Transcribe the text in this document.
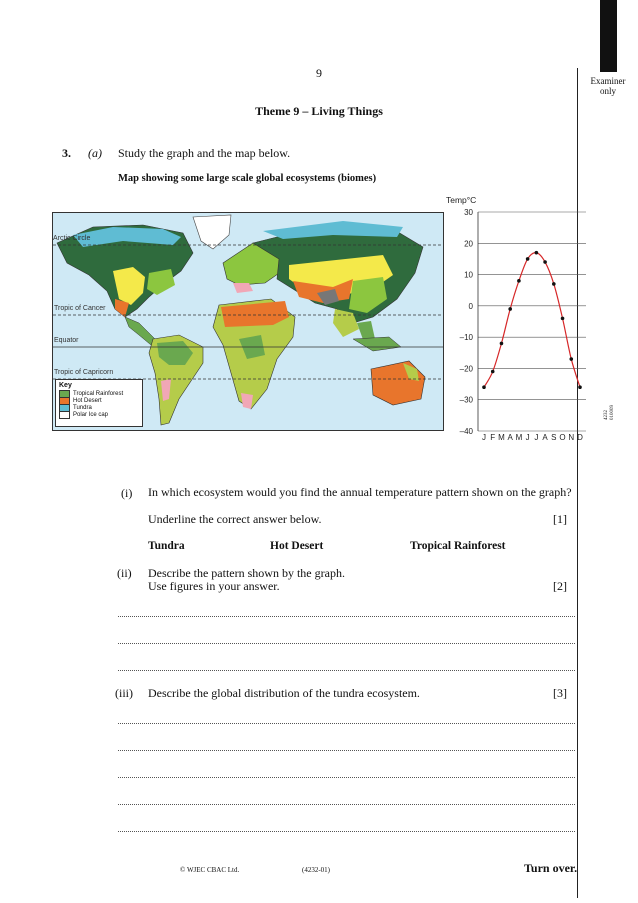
Examiner
only
4232
010009
9
Theme 9 – Living Things
3. (a) Study the graph and the map below.
Map showing some large scale global ecosystems (biomes)
Arctic Circle
Tropic of Cancer
Equator
Tropic of Capricorn
Key
Tropical Rainforest
Hot Desert
Tundra
Polar Ice cap
Temp°C
30
20
10
0
–10
–20
–30
–40
J F M A M J J A S O N D
(i) In which ecosystem would you find the annual temperature pattern shown on the graph?
Underline the correct answer below.	[1]
Tundra	Hot Desert	Tropical Rainforest
(ii) Describe the pattern shown by the graph.
Use figures in your answer.	[2]
(iii) Describe the global distribution of the tundra ecosystem.	[3]
© WJEC CBAC Ltd.	(4232-01)	Turn over.
